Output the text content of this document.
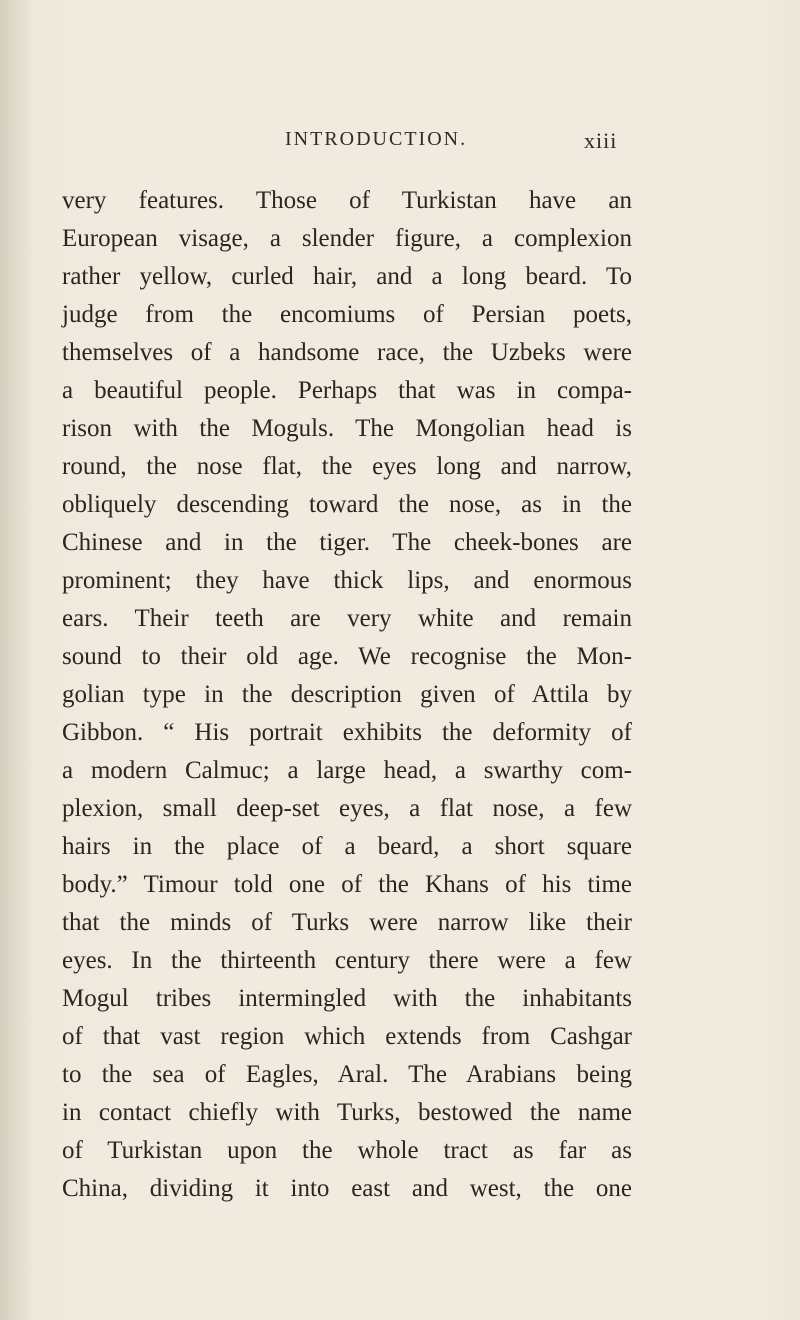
INTRODUCTION.	xiii
very features. Those of Turkistan have an
European visage, a slender figure, a complexion
rather yellow, curled hair, and a long beard. To
judge from the encomiums of Persian poets,
themselves of a handsome race, the Uzbeks were
a beautiful people. Perhaps that was in compa-
rison with the Moguls. The Mongolian head is
round, the nose flat, the eyes long and narrow,
obliquely descending toward the nose, as in the
Chinese and in the tiger. The cheek-bones are
prominent; they have thick lips, and enormous
ears. Their teeth are very white and remain
sound to their old age. We recognise the Mon-
golian type in the description given of Attila by
Gibbon. “ His portrait exhibits the deformity of
a modern Calmuc; a large head, a swarthy com-
plexion, small deep-set eyes, a flat nose, a few
hairs in the place of a beard, a short square
body.” Timour told one of the Khans of his time
that the minds of Turks were narrow like their
eyes. In the thirteenth century there were a few
Mogul tribes intermingled with the inhabitants
of that vast region which extends from Cashgar
to the sea of Eagles, Aral. The Arabians being
in contact chiefly with Turks, bestowed the name
of Turkistan upon the whole tract as far as
China, dividing it into east and west, the one
